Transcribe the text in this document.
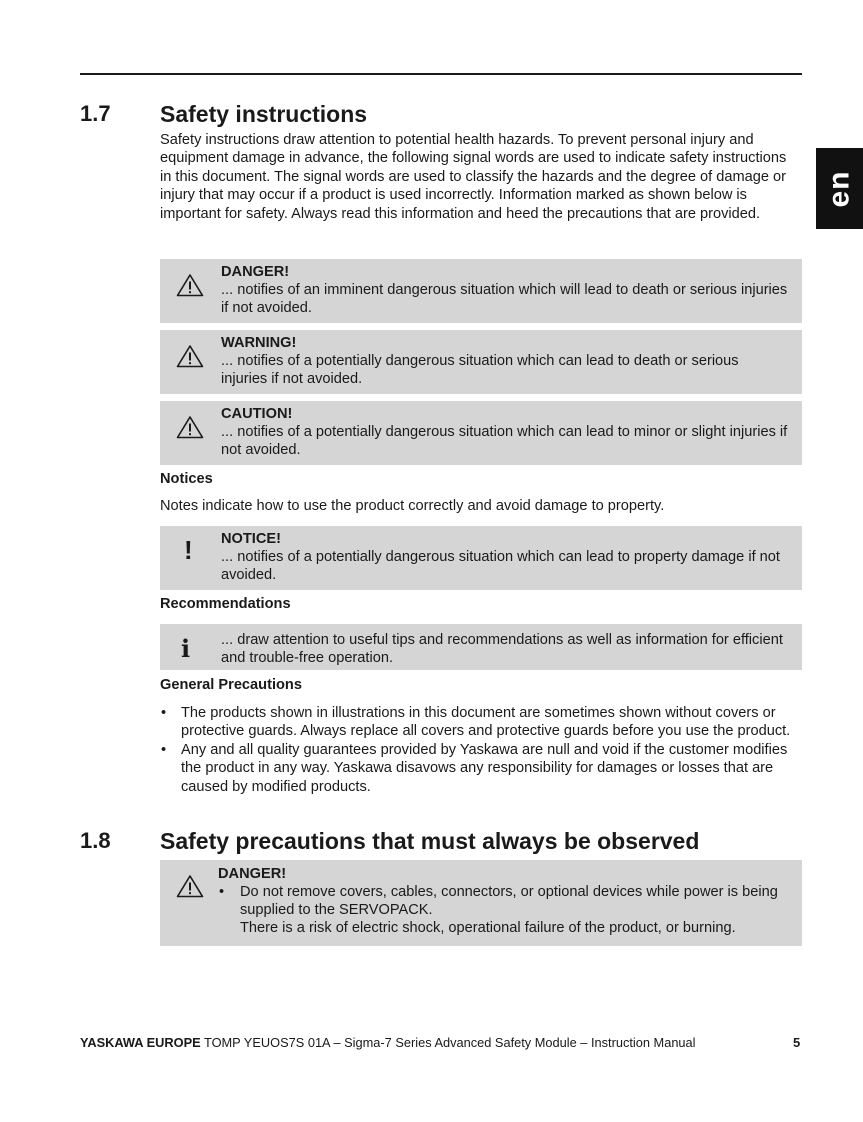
en
1.7 Safety instructions
Safety instructions draw attention to potential health hazards. To prevent personal injury and equipment damage in advance, the following signal words are used to indicate safety instructions in this document. The signal words are used to classify the hazards and the degree of damage or injury that may occur if a product is used incorrectly. Information marked as shown below is important for safety. Always read this information and heed the precautions that are provided.
DANGER!
... notifies of an imminent dangerous situation which will lead to death or serious injuries if not avoided.
WARNING!
... notifies of a potentially dangerous situation which can lead to death or serious injuries if not avoided.
CAUTION!
... notifies of a potentially dangerous situation which can lead to minor or slight injuries if not avoided.
Notices
Notes indicate how to use the product correctly and avoid damage to property.
! NOTICE!
... notifies of a potentially dangerous situation which can lead to property damage if not avoided.
Recommendations
i ... draw attention to useful tips and recommendations as well as information for efficient and trouble-free operation.
General Precautions
• The products shown in illustrations in this document are sometimes shown without covers or protective guards. Always replace all covers and protective guards before you use the product.
• Any and all quality guarantees provided by Yaskawa are null and void if the customer modifies the product in any way. Yaskawa disavows any responsibility for damages or losses that are caused by modified products.
1.8 Safety precautions that must always be observed
DANGER!
• Do not remove covers, cables, connectors, or optional devices while power is being supplied to the SERVOPACK.
There is a risk of electric shock, operational failure of the product, or burning.
YASKAWA EUROPE TOMP YEUOS7S 01A – Sigma-7 Series Advanced Safety Module – Instruction Manual	5
